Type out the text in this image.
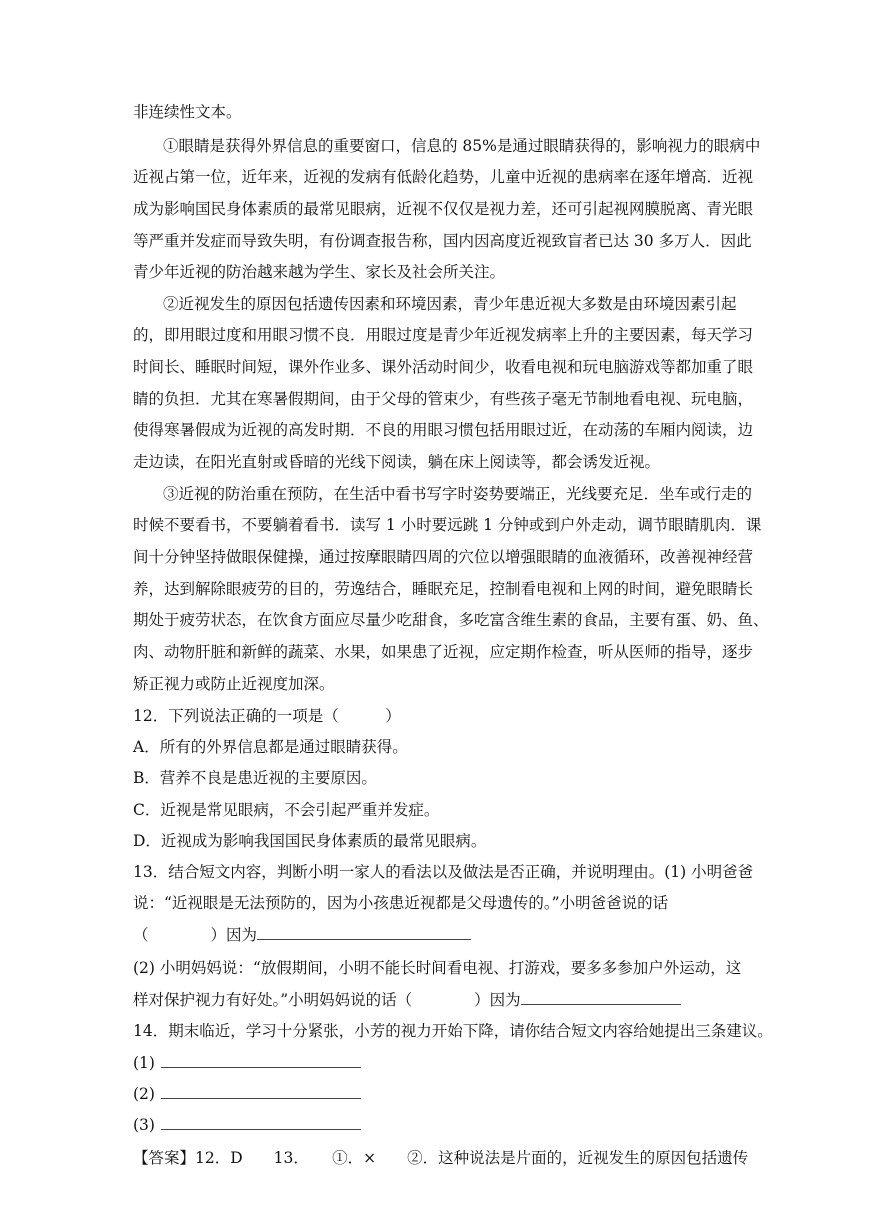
非连续性文本。
①眼睛是获得外界信息的重要窗口，信息的 85%是通过眼睛获得的，影响视力的眼病中
近视占第一位，近年来，近视的发病有低龄化趋势，儿童中近视的患病率在逐年增高．近视
成为影响国民身体素质的最常见眼病，近视不仅仅是视力差，还可引起视网膜脱离、青光眼
等严重并发症而导致失明，有份调查报告称，国内因高度近视致盲者已达 30 多万人．因此
青少年近视的防治越来越为学生、家长及社会所关注。
②近视发生的原因包括遗传因素和环境因素，青少年患近视大多数是由环境因素引起
的，即用眼过度和用眼习惯不良．用眼过度是青少年近视发病率上升的主要因素，每天学习
时间长、睡眠时间短，课外作业多、课外活动时间少，收看电视和玩电脑游戏等都加重了眼
睛的负担．尤其在寒暑假期间，由于父母的管束少，有些孩子毫无节制地看电视、玩电脑，
使得寒暑假成为近视的高发时期．不良的用眼习惯包括用眼过近，在动荡的车厢内阅读，边
走边读，在阳光直射或昏暗的光线下阅读，躺在床上阅读等，都会诱发近视。
③近视的防治重在预防，在生活中看书写字时姿势要端正，光线要充足．坐车或行走的
时候不要看书，不要躺着看书．读写 1 小时要远跳 1 分钟或到户外走动，调节眼睛肌肉．课
间十分钟坚持做眼保健操，通过按摩眼睛四周的穴位以增强眼睛的血液循环，改善视神经营
养，达到解除眼疲劳的目的，劳逸结合，睡眠充足，控制看电视和上网的时间，避免眼睛长
期处于疲劳状态，在饮食方面应尽量少吃甜食，多吃富含维生素的食品，主要有蛋、奶、鱼、
肉、动物肝脏和新鲜的蔬菜、水果，如果患了近视，应定期作检查，听从医师的指导，逐步
矫正视力或防止近视度加深。
12．下列说法正确的一项是（　　　）
A．所有的外界信息都是通过眼睛获得。
B．营养不良是患近视的主要原因。
C．近视是常见眼病，不会引起严重并发症。
D．近视成为影响我国国民身体素质的最常见眼病。
13．结合短文内容，判断小明一家人的看法以及做法是否正确，并说明理由。(1) 小明爸爸
说：“近视眼是无法预防的，因为小孩患近视都是父母遗传的。”小明爸爸说的话
（　　　　）因为
(2) 小明妈妈说：“放假期间，小明不能长时间看电视、打游戏，要多多参加户外运动，这
样对保护视力有好处。”小明妈妈说的话（　　　　）因为
14．期末临近，学习十分紧张，小芳的视力开始下降，请你结合短文内容给她提出三条建议。
(1)
(2)
(3)
【答案】12．D　　13．　　①．×　　②．这种说法是片面的，近视发生的原因包括遗传
